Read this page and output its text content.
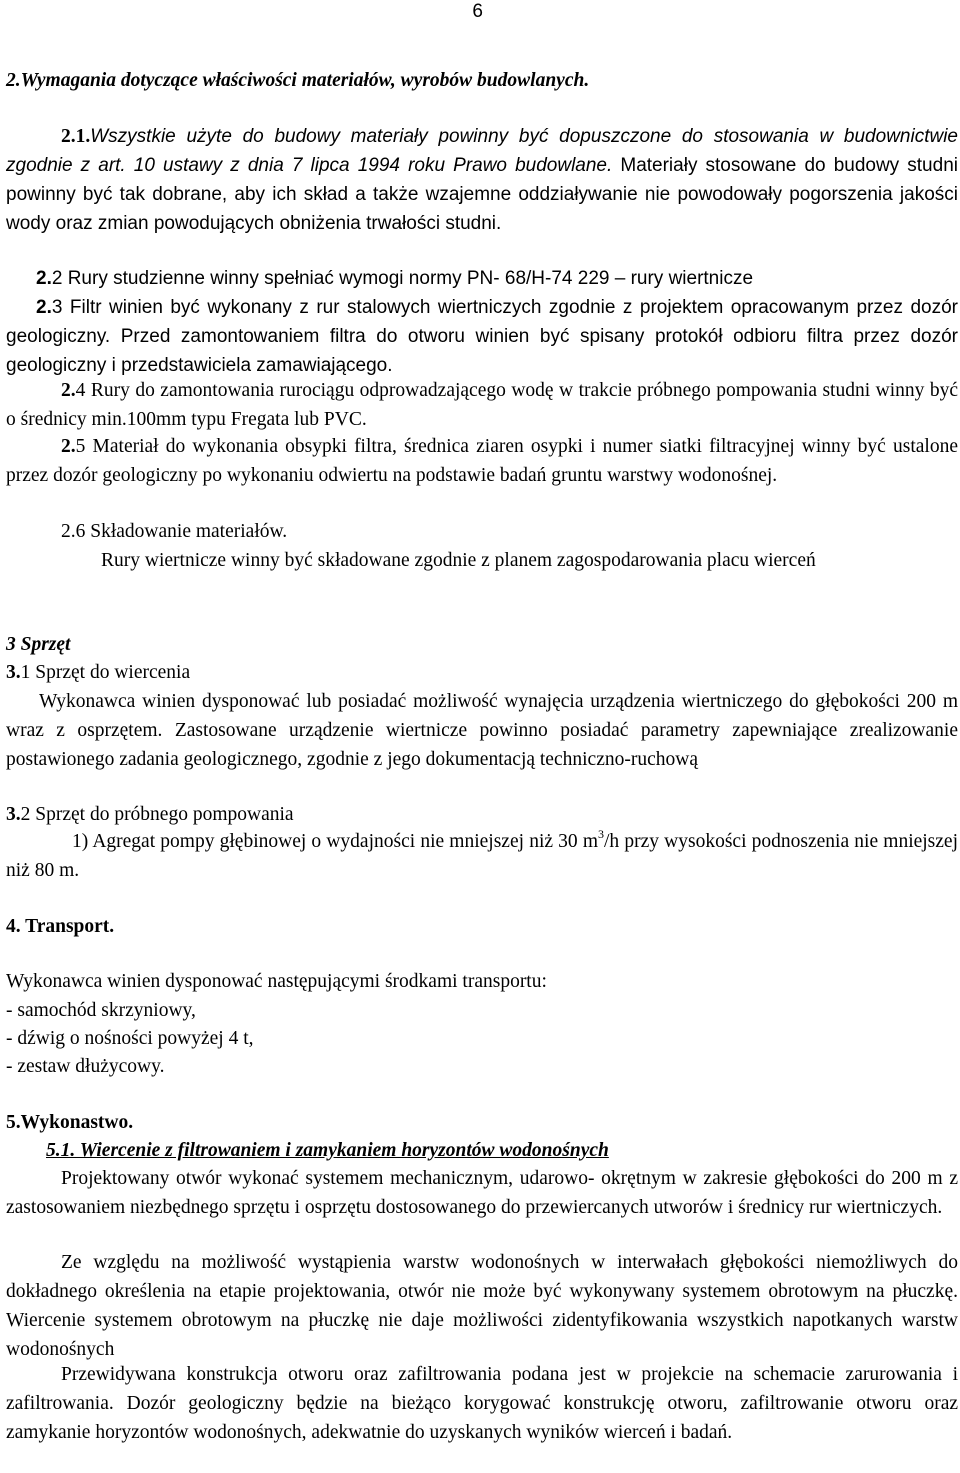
6
2.Wymagania dotyczące właściwości materiałów, wyrobów budowlanych.

2.1.Wszystkie użyte do budowy materiały powinny być dopuszczone do stosowania w budownictwie zgodnie z art. 10 ustawy z dnia 7 lipca 1994 roku Prawo budowlane. Materiały stosowane do budowy studni powinny być tak dobrane, aby ich skład a także wzajemne oddziaływanie nie powodowały pogorszenia jakości wody oraz zmian powodujących obniżenia trwałości studni.

2.2 Rury studzienne winny spełniać wymogi normy PN- 68/H-74 229 – rury wiertnicze

2.3 Filtr winien być wykonany z rur stalowych wiertniczych zgodnie z projektem opracowanym przez dozór geologiczny. Przed zamontowaniem filtra do otworu winien być spisany protokół odbioru filtra przez dozór geologiczny i przedstawiciela zamawiającego.

2.4 Rury do zamontowania rurociągu odprowadzającego wodę w trakcie próbnego pompowania studni winny być o średnicy min.100mm typu Fregata lub PVC.

2.5 Materiał do wykonania obsypki filtra, średnica ziaren osypki i numer siatki filtracyjnej winny być ustalone przez dozór geologiczny po wykonaniu odwiertu na podstawie badań gruntu warstwy wodonośnej.

2.6 Składowanie materiałów.

Rury wiertnicze winny być składowane zgodnie z planem zagospodarowania placu wierceń

3 Sprzęt
3.1 Sprzęt do wiercenia

Wykonawca winien dysponować lub posiadać możliwość wynajęcia urządzenia wiertniczego do głębokości 200 m wraz z osprzętem. Zastosowane urządzenie wiertnicze powinno posiadać parametry zapewniające zrealizowanie postawionego zadania geologicznego, zgodnie z jego dokumentacją techniczno-ruchową

3.2 Sprzęt do próbnego pompowania

1) Agregat pompy głębinowej o wydajności nie mniejszej niż 30 $m^3/h$ przy wysokości podnoszenia nie mniejszej niż 80 m.

4. Transport.
Wykonawca winien dysponować następującymi środkami transportu:
- samochód skrzyniowy,
- dźwig o nośności powyżej 4 t,
- zestaw dłużycowy.
5.Wykonastwo.
5.1. Wiercenie z filtrowaniem i zamykaniem horyzontów wodonośnych

Projektowany otwór wykonać systemem mechanicznym, udarowo- okrętnym w zakresie głębokości do 200 m z zastosowaniem niezbędnego sprzętu i osprzętu dostosowanego do przewiercanych utworów i średnicy rur wiertniczych.

Ze względu na możliwość wystąpienia warstw wodonośnych w interwałach głębokości niemożliwych do dokładnego określenia na etapie projektowania, otwór nie może być wykonywany systemem obrotowym na płuczkę. Wiercenie systemem obrotowym na płuczkę nie daje możliwości zidentyfikowania wszystkich napotkanych warstw wodonośnych

Przewidywana konstrukcja otworu oraz zafiltrowania podana jest w projekcie na schemacie zarurowania i zafiltrowania. Dozór geologiczny będzie na bieżąco korygować konstrukcję otworu, zafiltrowanie otworu oraz zamykanie horyzontów wodonośnych, adekwatnie do uzyskanych wyników wierceń i badań.
